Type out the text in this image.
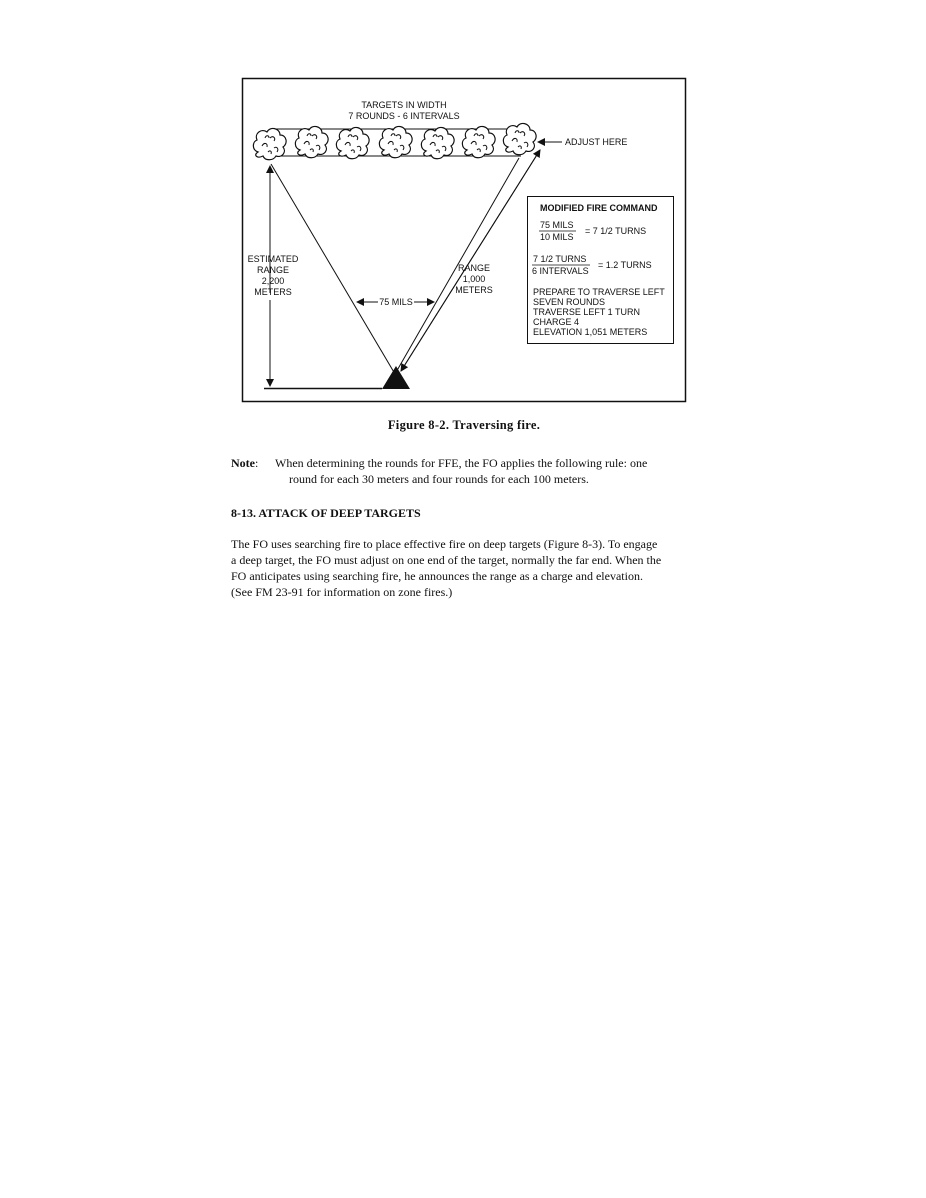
TARGETS IN WIDTH
7 ROUNDS - 6 INTERVALS
ADJUST HERE
ESTIMATED
RANGE
2,200
METERS
RANGE
1,000
METERS
75 MILS
MODIFIED FIRE COMMAND
75 MILS
10 MILS
= 7 1/2 TURNS
7 1/2 TURNS
6 INTERVALS
= 1.2 TURNS
PREPARE TO TRAVERSE LEFT
SEVEN ROUNDS
TRAVERSE LEFT 1 TURN
CHARGE 4
ELEVATION 1,051 METERS
Figure 8-2. Traversing fire.
Note: When determining the rounds for FFE, the FO applies the following rule: one
round for each 30 meters and four rounds for each 100 meters.
8-13. ATTACK OF DEEP TARGETS
The FO uses searching fire to place effective fire on deep targets (Figure 8-3). To engage
a deep target, the FO must adjust on one end of the target, normally the far end. When the
FO anticipates using searching fire, he announces the range as a charge and elevation.
(See FM 23-91 for information on zone fires.)
